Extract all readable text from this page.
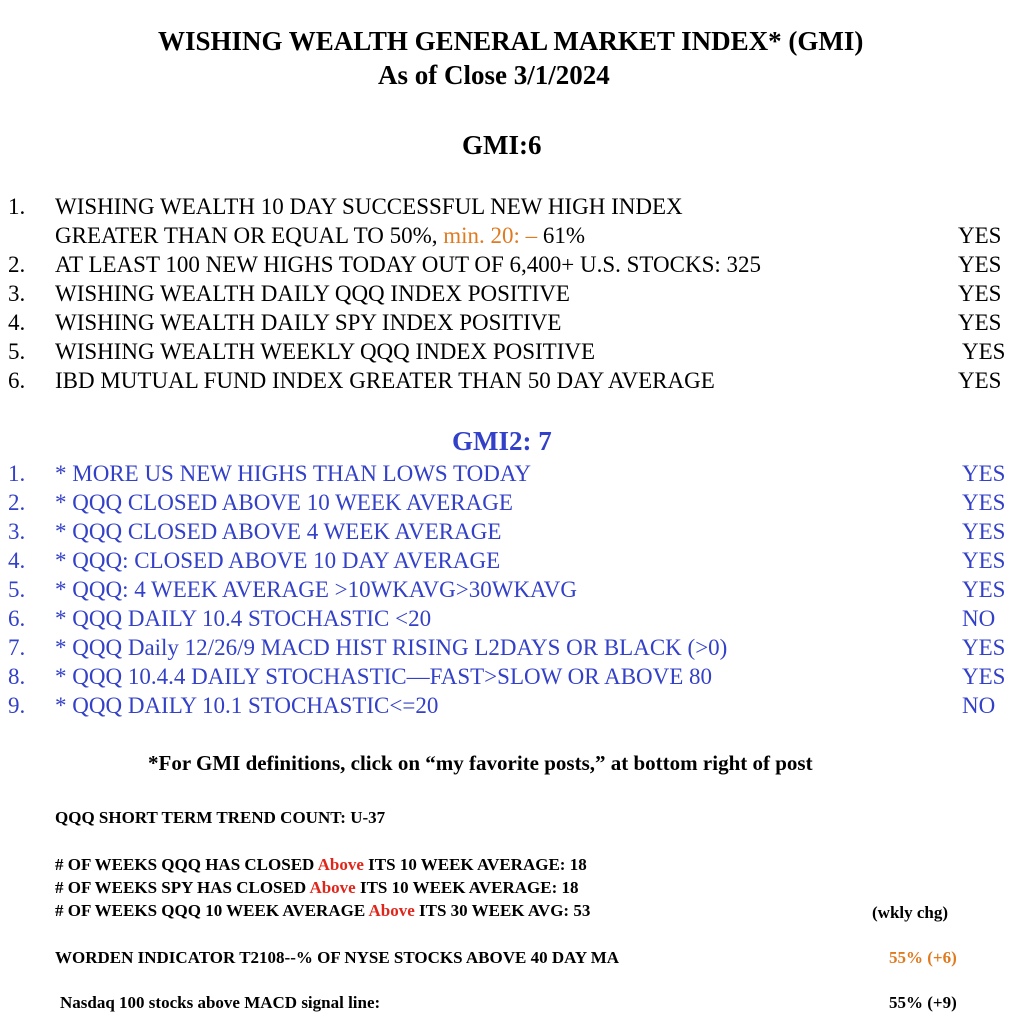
WISHING WEALTH GENERAL MARKET INDEX* (GMI)
As of Close 3/1/2024
GMI:6
1. WISHING WEALTH 10 DAY SUCCESSFUL NEW HIGH INDEX
GREATER THAN OR EQUAL TO 50%, min. 20: – 61%	YES
2. AT LEAST 100 NEW HIGHS TODAY OUT OF 6,400+ U.S. STOCKS: 325	YES
3. WISHING WEALTH DAILY QQQ INDEX POSITIVE	YES
4. WISHING WEALTH DAILY SPY INDEX POSITIVE	YES
5. WISHING WEALTH WEEKLY QQQ INDEX POSITIVE	YES
6. IBD MUTUAL FUND INDEX GREATER THAN 50 DAY AVERAGE	YES
GMI2: 7
1. * MORE US NEW HIGHS THAN LOWS TODAY	YES
2. * QQQ CLOSED ABOVE 10 WEEK AVERAGE	YES
3. * QQQ CLOSED ABOVE 4 WEEK AVERAGE	YES
4. * QQQ: CLOSED ABOVE 10 DAY AVERAGE	YES
5. * QQQ: 4 WEEK AVERAGE >10WKAVG>30WKAVG	YES
6. * QQQ DAILY 10.4 STOCHASTIC <20	NO
7. * QQQ Daily 12/26/9 MACD HIST RISING L2DAYS OR BLACK (>0)	YES
8. * QQQ 10.4.4 DAILY STOCHASTIC—FAST>SLOW OR ABOVE 80	YES
9. * QQQ DAILY 10.1 STOCHASTIC<=20	NO
*For GMI definitions, click on “my favorite posts,” at bottom right of post
QQQ SHORT TERM TREND COUNT: U-37
# OF WEEKS QQQ HAS CLOSED Above ITS 10 WEEK AVERAGE: 18
# OF WEEKS SPY HAS CLOSED Above ITS 10 WEEK AVERAGE: 18
# OF WEEKS QQQ 10 WEEK AVERAGE Above ITS 30 WEEK AVG: 53	(wkly chg)
WORDEN INDICATOR T2108--% OF NYSE STOCKS ABOVE 40 DAY MA	55% (+6)
Nasdaq 100 stocks above MACD signal line:	55% (+9)
